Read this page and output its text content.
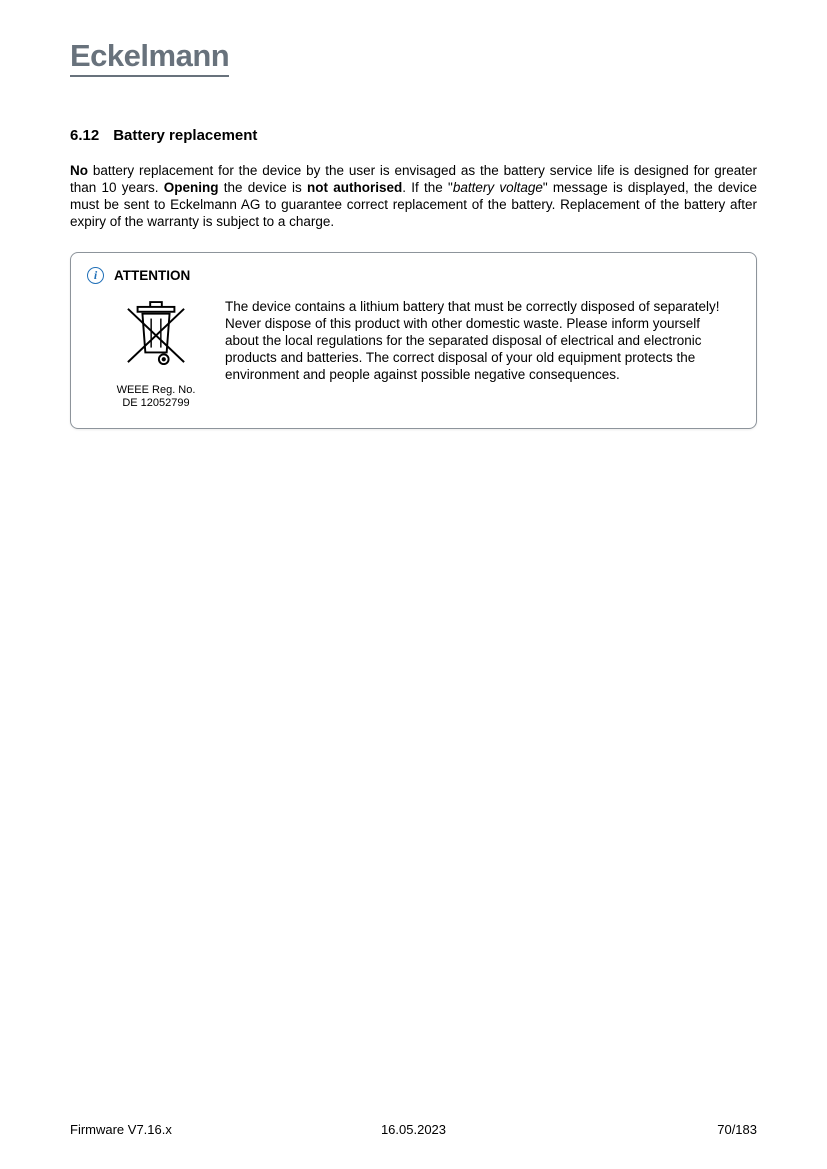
Eckelmann
6.12 Battery replacement

No battery replacement for the device by the user is envisaged as the battery service life is designed for greater than 10 years. Opening the device is not authorised. If the "battery voltage" message is displayed, the device must be sent to Eckelmann AG to guarantee correct replacement of the battery. Replacement of the battery after expiry of the warranty is subject to a charge.

i	ATTENTION
WEEE Reg. No.
DE 12052799
The device contains a lithium battery that must be correctly disposed of separately! Never dispose of this product with other domestic waste. Please inform yourself about the local regulations for the separated disposal of electrical and electronic products and batteries. The correct disposal of your old equipment protects the environment and people against possible negative consequences.
Firmware V7.16.x	16.05.2023	70/183
